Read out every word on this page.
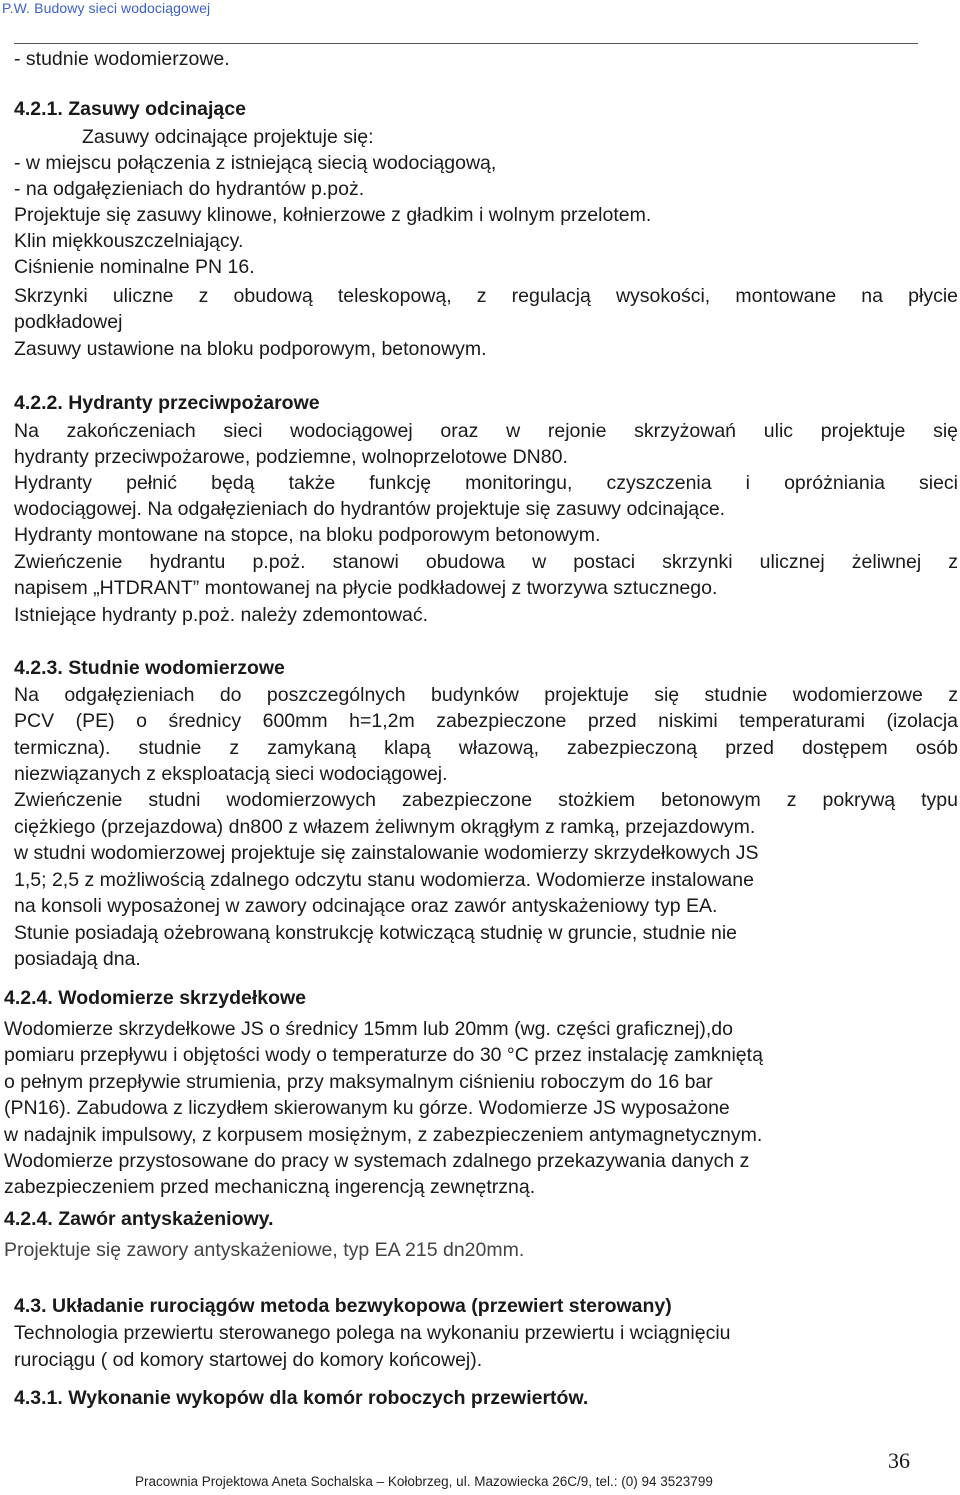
P.W. Budowy sieci wodociągowej
- studnie wodomierzowe.
4.2.1. Zasuwy odcinające
Zasuwy odcinające projektuje się:
- w miejscu połączenia z istniejącą siecią wodociągową,
- na odgałęzieniach do hydrantów p.poż.
Projektuje się zasuwy klinowe, kołnierzowe z gładkim i wolnym przelotem.
Klin miękkouszczelniający.
Ciśnienie nominalne PN 16.
Skrzynki uliczne z obudową teleskopową, z regulacją wysokości, montowane na płycie
podkładowej
Zasuwy ustawione na bloku podporowym, betonowym.
4.2.2. Hydranty przeciwpożarowe
Na zakończeniach sieci wodociągowej oraz w rejonie skrzyżowań ulic projektuje się
hydranty przeciwpożarowe, podziemne, wolnoprzelotowe DN80.
Hydranty pełnić będą także funkcję monitoringu, czyszczenia i opróżniania sieci
wodociągowej. Na odgałęzieniach do hydrantów projektuje się zasuwy odcinające.
Hydranty montowane na stopce, na bloku podporowym betonowym.
Zwieńczenie hydrantu p.poż. stanowi obudowa w postaci skrzynki ulicznej żeliwnej z
napisem „HTDRANT” montowanej na płycie podkładowej z tworzywa sztucznego.
Istniejące hydranty p.poż. należy zdemontować.
4.2.3. Studnie wodomierzowe
Na odgałęzieniach do poszczególnych budynków projektuje się studnie wodomierzowe z
PCV (PE) o średnicy 600mm h=1,2m zabezpieczone przed niskimi temperaturami (izolacja
termiczna). studnie z zamykaną klapą włazową, zabezpieczoną przed dostępem osób
niezwiązanych z eksploatacją sieci wodociągowej.
Zwieńczenie studni wodomierzowych zabezpieczone stożkiem betonowym z pokrywą typu
ciężkiego (przejazdowa) dn800 z włazem żeliwnym okrągłym z ramką, przejazdowym.
w studni wodomierzowej projektuje się zainstalowanie wodomierzy skrzydełkowych JS
1,5; 2,5 z możliwością zdalnego odczytu stanu wodomierza. Wodomierze instalowane
na konsoli wyposażonej w zawory odcinające oraz zawór antyskażeniowy typ EA.
Stunie posiadają ożebrowaną konstrukcję kotwiczącą studnię w gruncie, studnie nie
posiadają dna.
4.2.4. Wodomierze skrzydełkowe
Wodomierze skrzydełkowe JS o średnicy 15mm lub 20mm (wg. części graficznej),do
pomiaru przepływu i objętości wody o temperaturze do 30 °C przez instalację zamkniętą
o pełnym przepływie strumienia, przy maksymalnym ciśnieniu roboczym do 16 bar
(PN16). Zabudowa z liczydłem skierowanym ku górze. Wodomierze JS wyposażone
w nadajnik impulsowy, z korpusem mosiężnym, z zabezpieczeniem antymagnetycznym.
Wodomierze przystosowane do pracy w systemach zdalnego przekazywania danych z
zabezpieczeniem przed mechaniczną ingerencją zewnętrzną.
4.2.4. Zawór antyskażeniowy.
Projektuje się zawory antyskażeniowe, typ EA 215 dn20mm.
4.3. Układanie rurociągów metoda bezwykopowa (przewiert sterowany)
Technologia przewiertu sterowanego polega na wykonaniu przewiertu i wciągnięciu
rurociągu ( od komory startowej do komory końcowej).
4.3.1. Wykonanie wykopów dla komór roboczych przewiertów.
36
Pracownia Projektowa Aneta Sochalska – Kołobrzeg, ul. Mazowiecka 26C/9, tel.: (0) 94 3523799
